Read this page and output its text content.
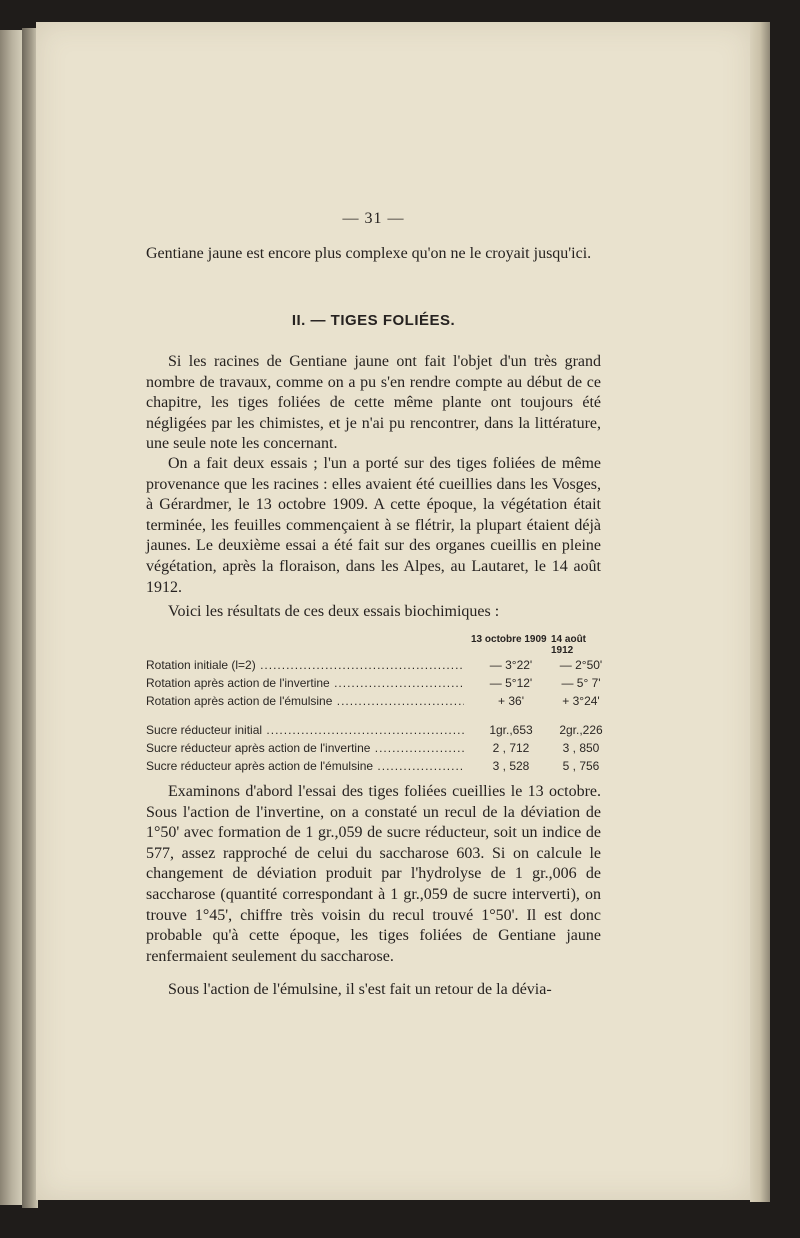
— 31 —

Gentiane jaune est encore plus complexe qu'on ne le croyait jusqu'ici.

II. — TIGES FOLIÉES.

Si les racines de Gentiane jaune ont fait l'objet d'un très grand nombre de travaux, comme on a pu s'en rendre compte au début de ce chapitre, les tiges foliées de cette même plante ont toujours été négligées par les chimistes, et je n'ai pu rencontrer, dans la littérature, une seule note les concernant.

On a fait deux essais ; l'un a porté sur des tiges foliées de même provenance que les racines : elles avaient été cueillies dans les Vosges, à Gérardmer, le 13 octobre 1909. A cette époque, la végétation était terminée, les feuilles commençaient à se flétrir, la plupart étaient déjà jaunes. Le deuxième essai a été fait sur des organes cueillis en pleine végétation, après la floraison, dans les Alpes, au Lautaret, le 14 août 1912.

Voici les résultats de ces deux essais biochimiques :

13 octobre 1909 14 août 1912
Rotation initiale (l=2) .....	— 3°22'	— 2°50'
Rotation après action de l'invertine .....	— 5°12'	— 5° 7'
Rotation après action de l'émulsine .....	+ 36'	+ 3°24'
Sucre réducteur initial .....	1gr.,653	2gr.,226
Sucre réducteur après action de l'invertine .....	2 , 712	3 , 850
Sucre réducteur après action de l'émulsine .....	3 , 528	5 , 756

Examinons d'abord l'essai des tiges foliées cueillies le 13 octobre. Sous l'action de l'invertine, on a constaté un recul de la déviation de 1°50' avec formation de 1 gr.,059 de sucre réducteur, soit un indice de 577, assez rapproché de celui du saccharose 603. Si on calcule le changement de déviation produit par l'hydrolyse de 1 gr.,006 de saccharose (quantité correspondant à 1 gr.,059 de sucre interverti), on trouve 1°45', chiffre très voisin du recul trouvé 1°50'. Il est donc probable qu'à cette époque, les tiges foliées de Gentiane jaune renfermaient seulement du saccharose.

Sous l'action de l'émulsine, il s'est fait un retour de la dévia-
